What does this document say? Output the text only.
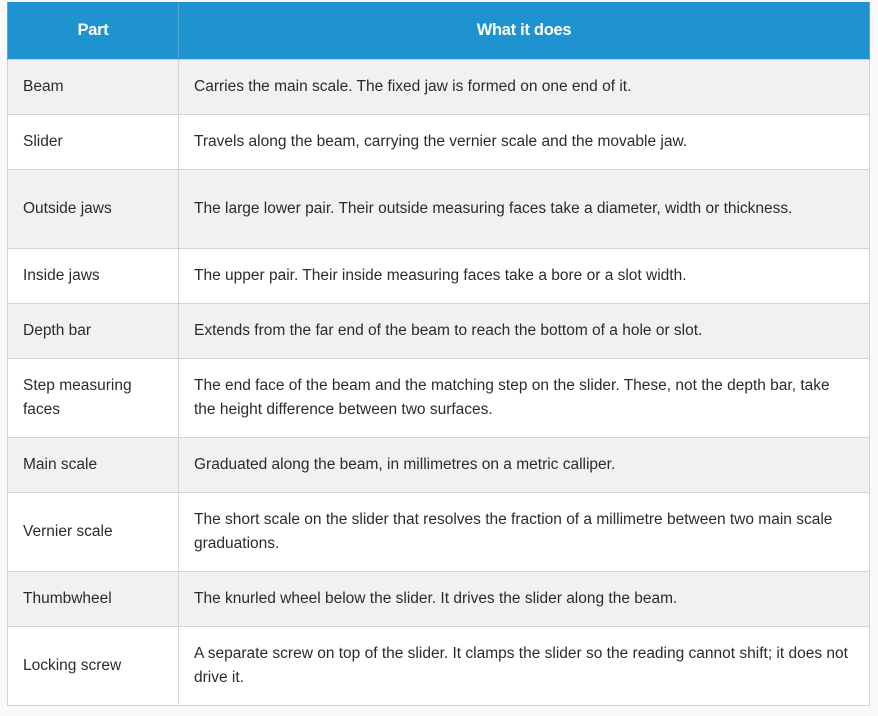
Part	What it does
Beam	Carries the main scale. The fixed jaw is formed on one end of it.
Slider	Travels along the beam, carrying the vernier scale and the movable jaw.
Outside jaws	The large lower pair. Their outside measuring faces take a diameter, width or thickness.
Inside jaws	The upper pair. Their inside measuring faces take a bore or a slot width.
Depth bar	Extends from the far end of the beam to reach the bottom of a hole or slot.
Step measuring faces	The end face of the beam and the matching step on the slider. These, not the depth bar, take the height difference between two surfaces.
Main scale	Graduated along the beam, in millimetres on a metric calliper.
Vernier scale	The short scale on the slider that resolves the fraction of a millimetre between two main scale graduations.
Thumbwheel	The knurled wheel below the slider. It drives the slider along the beam.
Locking screw	A separate screw on top of the slider. It clamps the slider so the reading cannot shift; it does not drive it.
